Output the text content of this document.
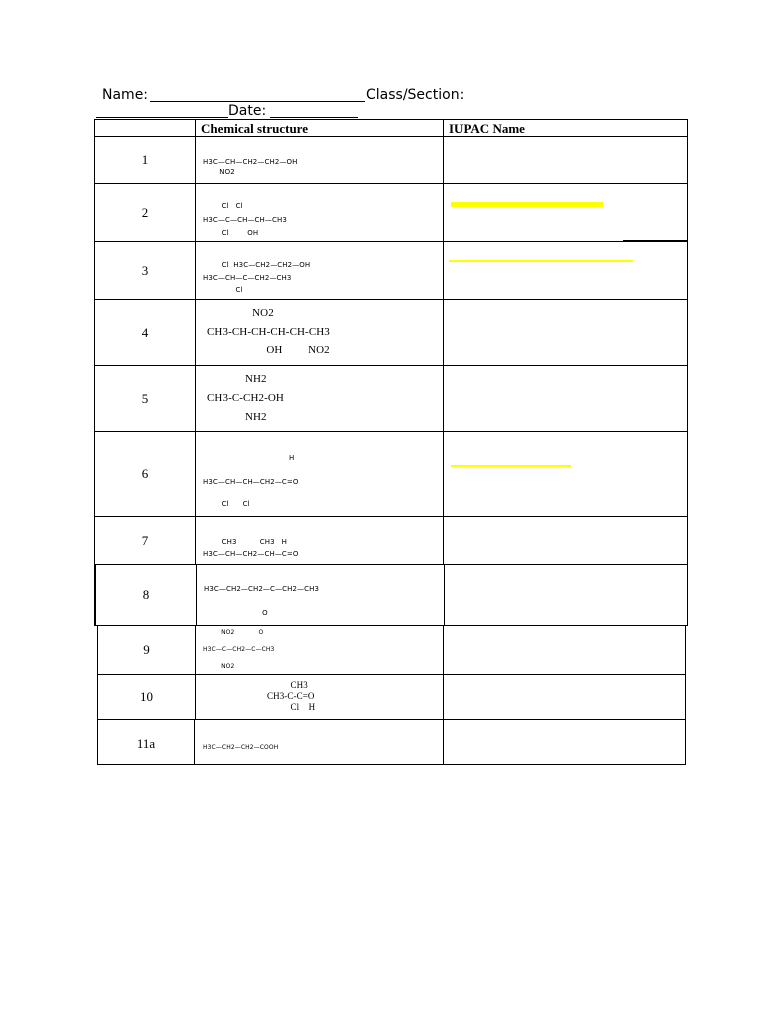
Name:	Class/Section:
Date:
Chemical structure	IUPAC Name
1	H3C—CH—CH2—CH2—OH
NO2
2	Cl   Cl
H3C—C—CH—CH—CH3
Cl        OH
3	Cl  H3C—CH2—CH2—OH
H3C—CH—C—CH2—CH3
Cl
4
NO2
CH3-CH-CH-CH-CH-CH3
OH         NO2
5
NH2
CH3-C-CH2-OH
NH2
6
H
H3C—CH—CH—CH2—C=O
Cl      Cl
7	CH3          CH3   H
H3C—CH—CH2—CH—C=O
8	H3C—CH2—CH2—C—CH2—CH3
O
9
NO2            O
H3C—C—CH2—C—CH3
NO2
10
CH3
CH3-C-C=O
Cl    H
11a	H3C—CH2—CH2—COOH
